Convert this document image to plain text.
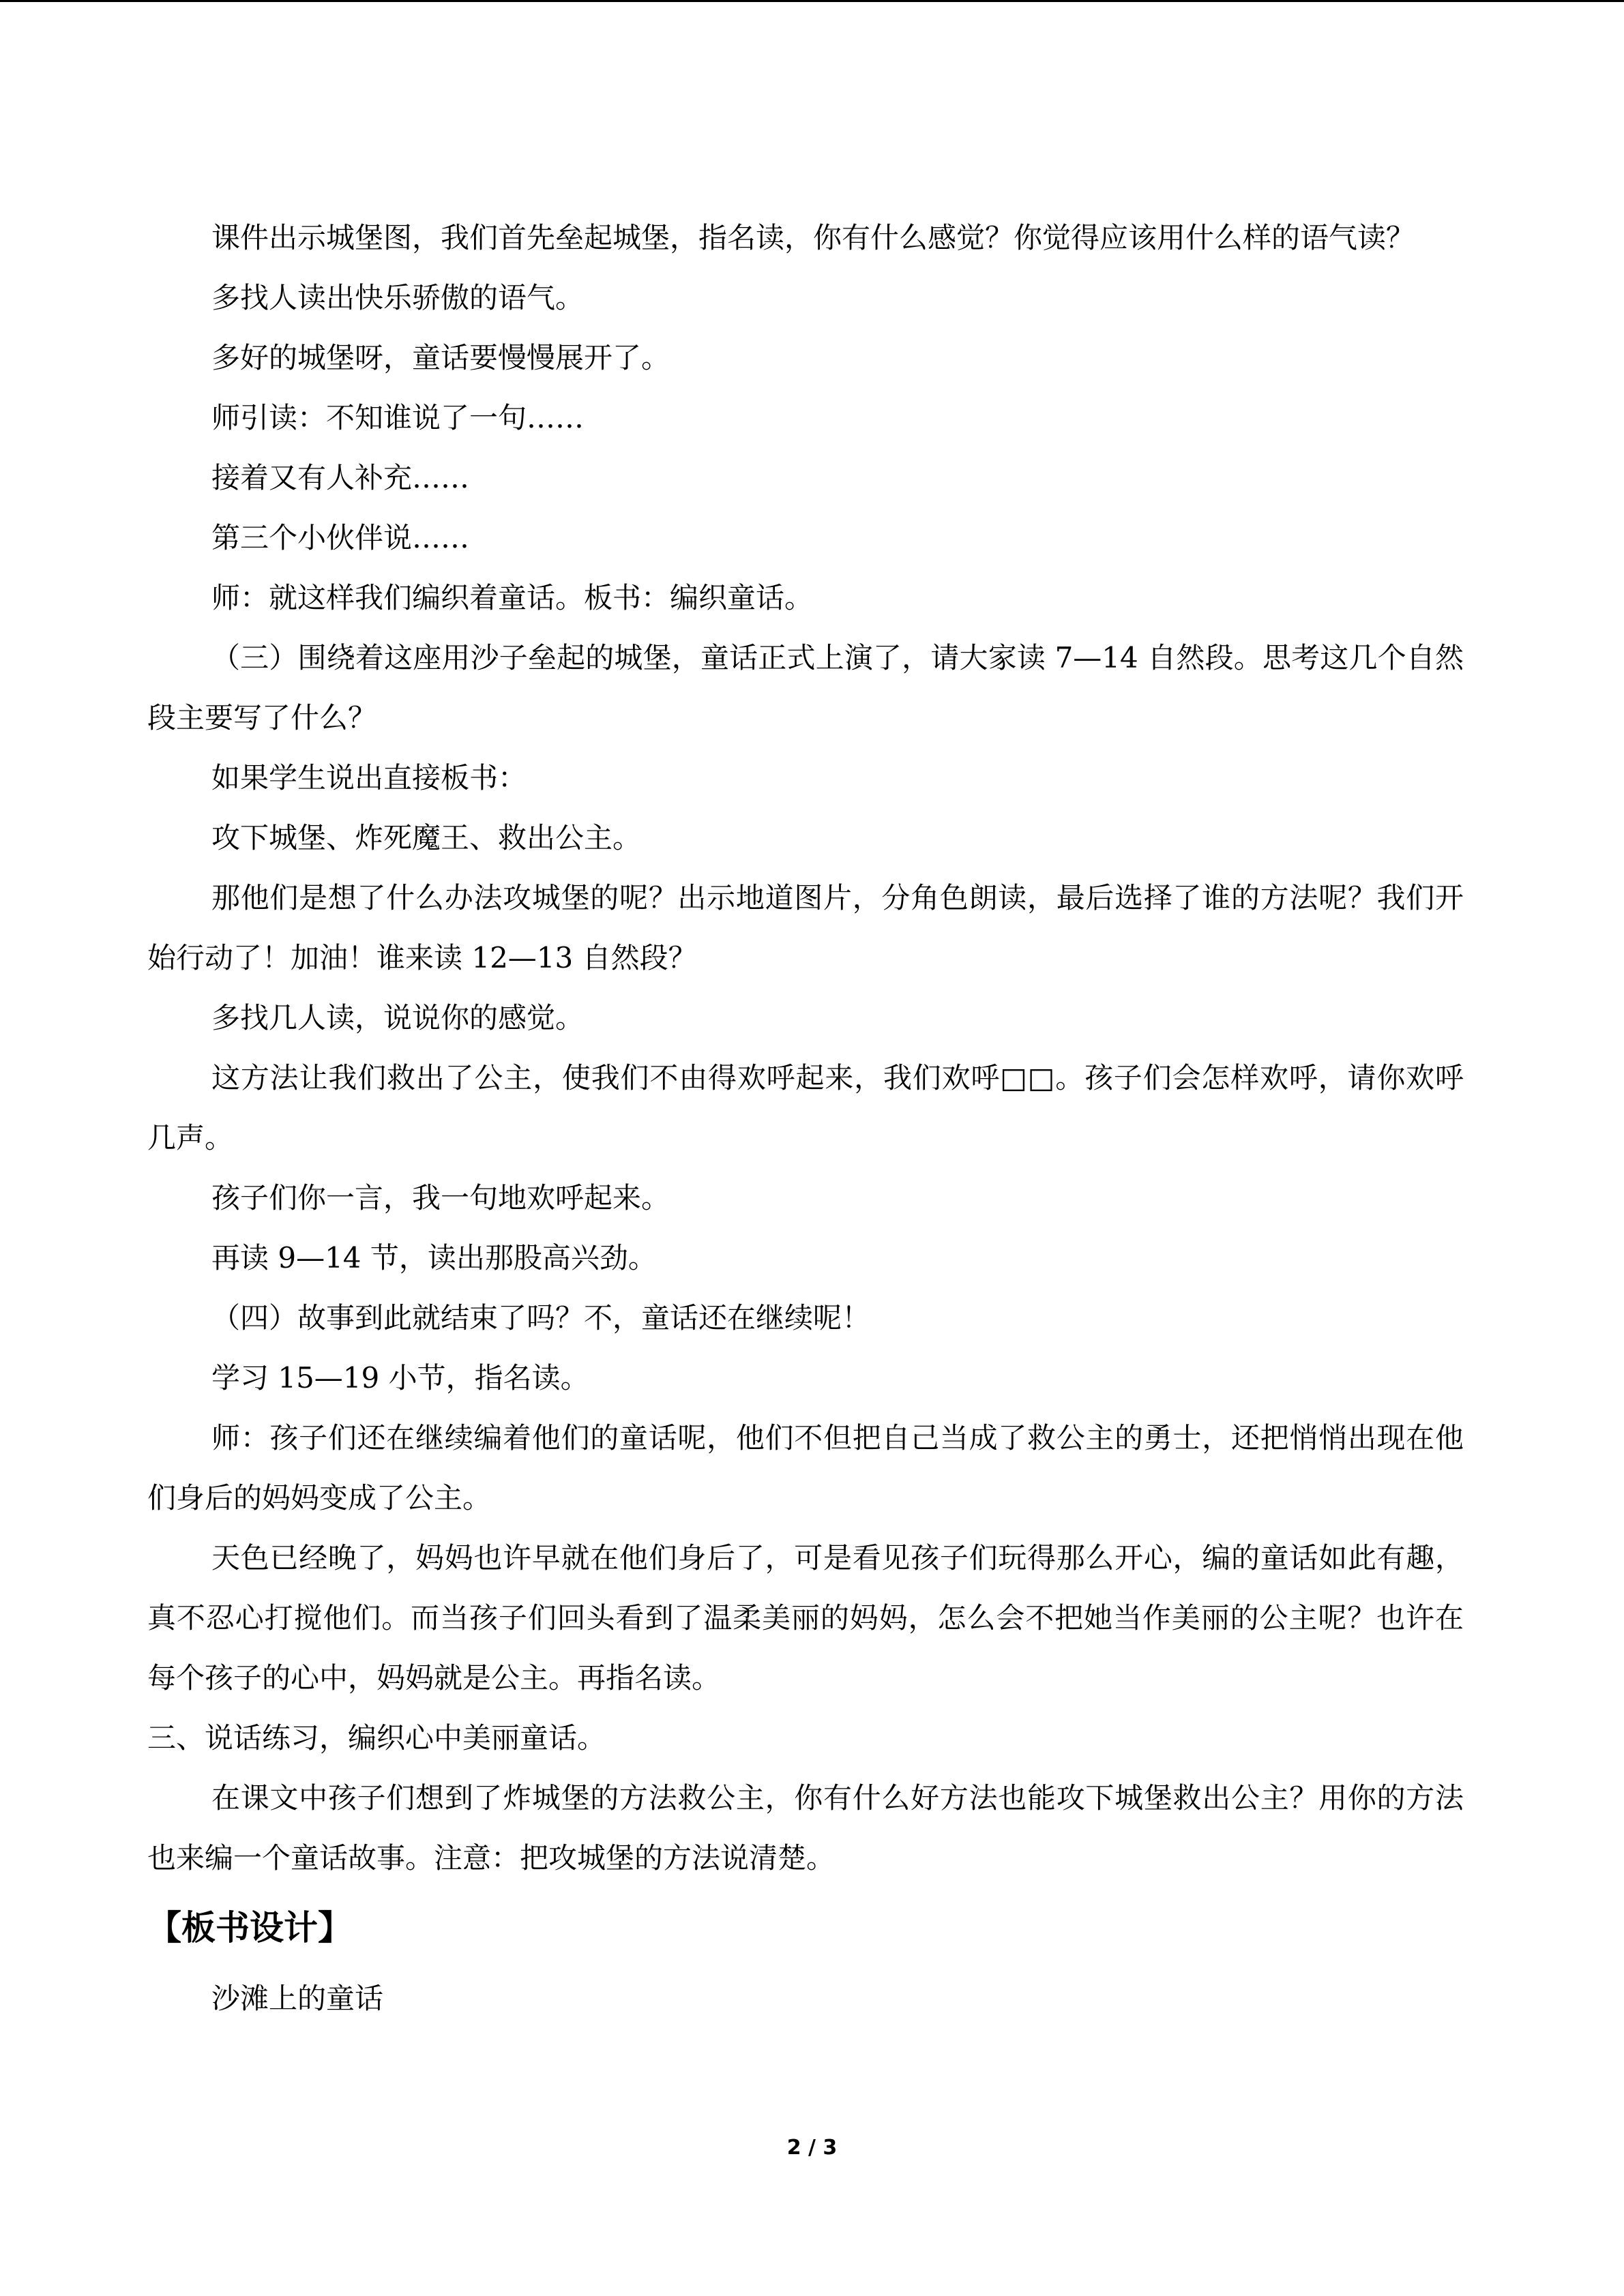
课件出示城堡图，我们首先垒起城堡，指名读，你有什么感觉？你觉得应该用什么样的语气读？

多找人读出快乐骄傲的语气。

多好的城堡呀，童话要慢慢展开了。

师引读：不知谁说了一句……

接着又有人补充……

第三个小伙伴说……

师：就这样我们编织着童话。板书：编织童话。

（三）围绕着这座用沙子垒起的城堡，童话正式上演了，请大家读 7—14 自然段。思考这几个自然段主要写了什么？

如果学生说出直接板书：

攻下城堡、炸死魔王、救出公主。

那他们是想了什么办法攻城堡的呢？出示地道图片，分角色朗读，最后选择了谁的方法呢？我们开始行动了！加油！谁来读 12—13 自然段？

多找几人读，说说你的感觉。

这方法让我们救出了公主，使我们不由得欢呼起来，我们欢呼□□。孩子们会怎样欢呼，请你欢呼几声。

孩子们你一言，我一句地欢呼起来。

再读 9—14 节，读出那股高兴劲。

（四）故事到此就结束了吗？不，童话还在继续呢！

学习 15—19 小节，指名读。

师：孩子们还在继续编着他们的童话呢，他们不但把自己当成了救公主的勇士，还把悄悄出现在他们身后的妈妈变成了公主。

天色已经晚了，妈妈也许早就在他们身后了，可是看见孩子们玩得那么开心，编的童话如此有趣，真不忍心打搅他们。而当孩子们回头看到了温柔美丽的妈妈，怎么会不把她当作美丽的公主呢？也许在每个孩子的心中，妈妈就是公主。再指名读。

三、说话练习，编织心中美丽童话。

在课文中孩子们想到了炸城堡的方法救公主，你有什么好方法也能攻下城堡救出公主？用你的方法也来编一个童话故事。注意：把攻城堡的方法说清楚。

【板书设计】

沙滩上的童话

2 / 3
